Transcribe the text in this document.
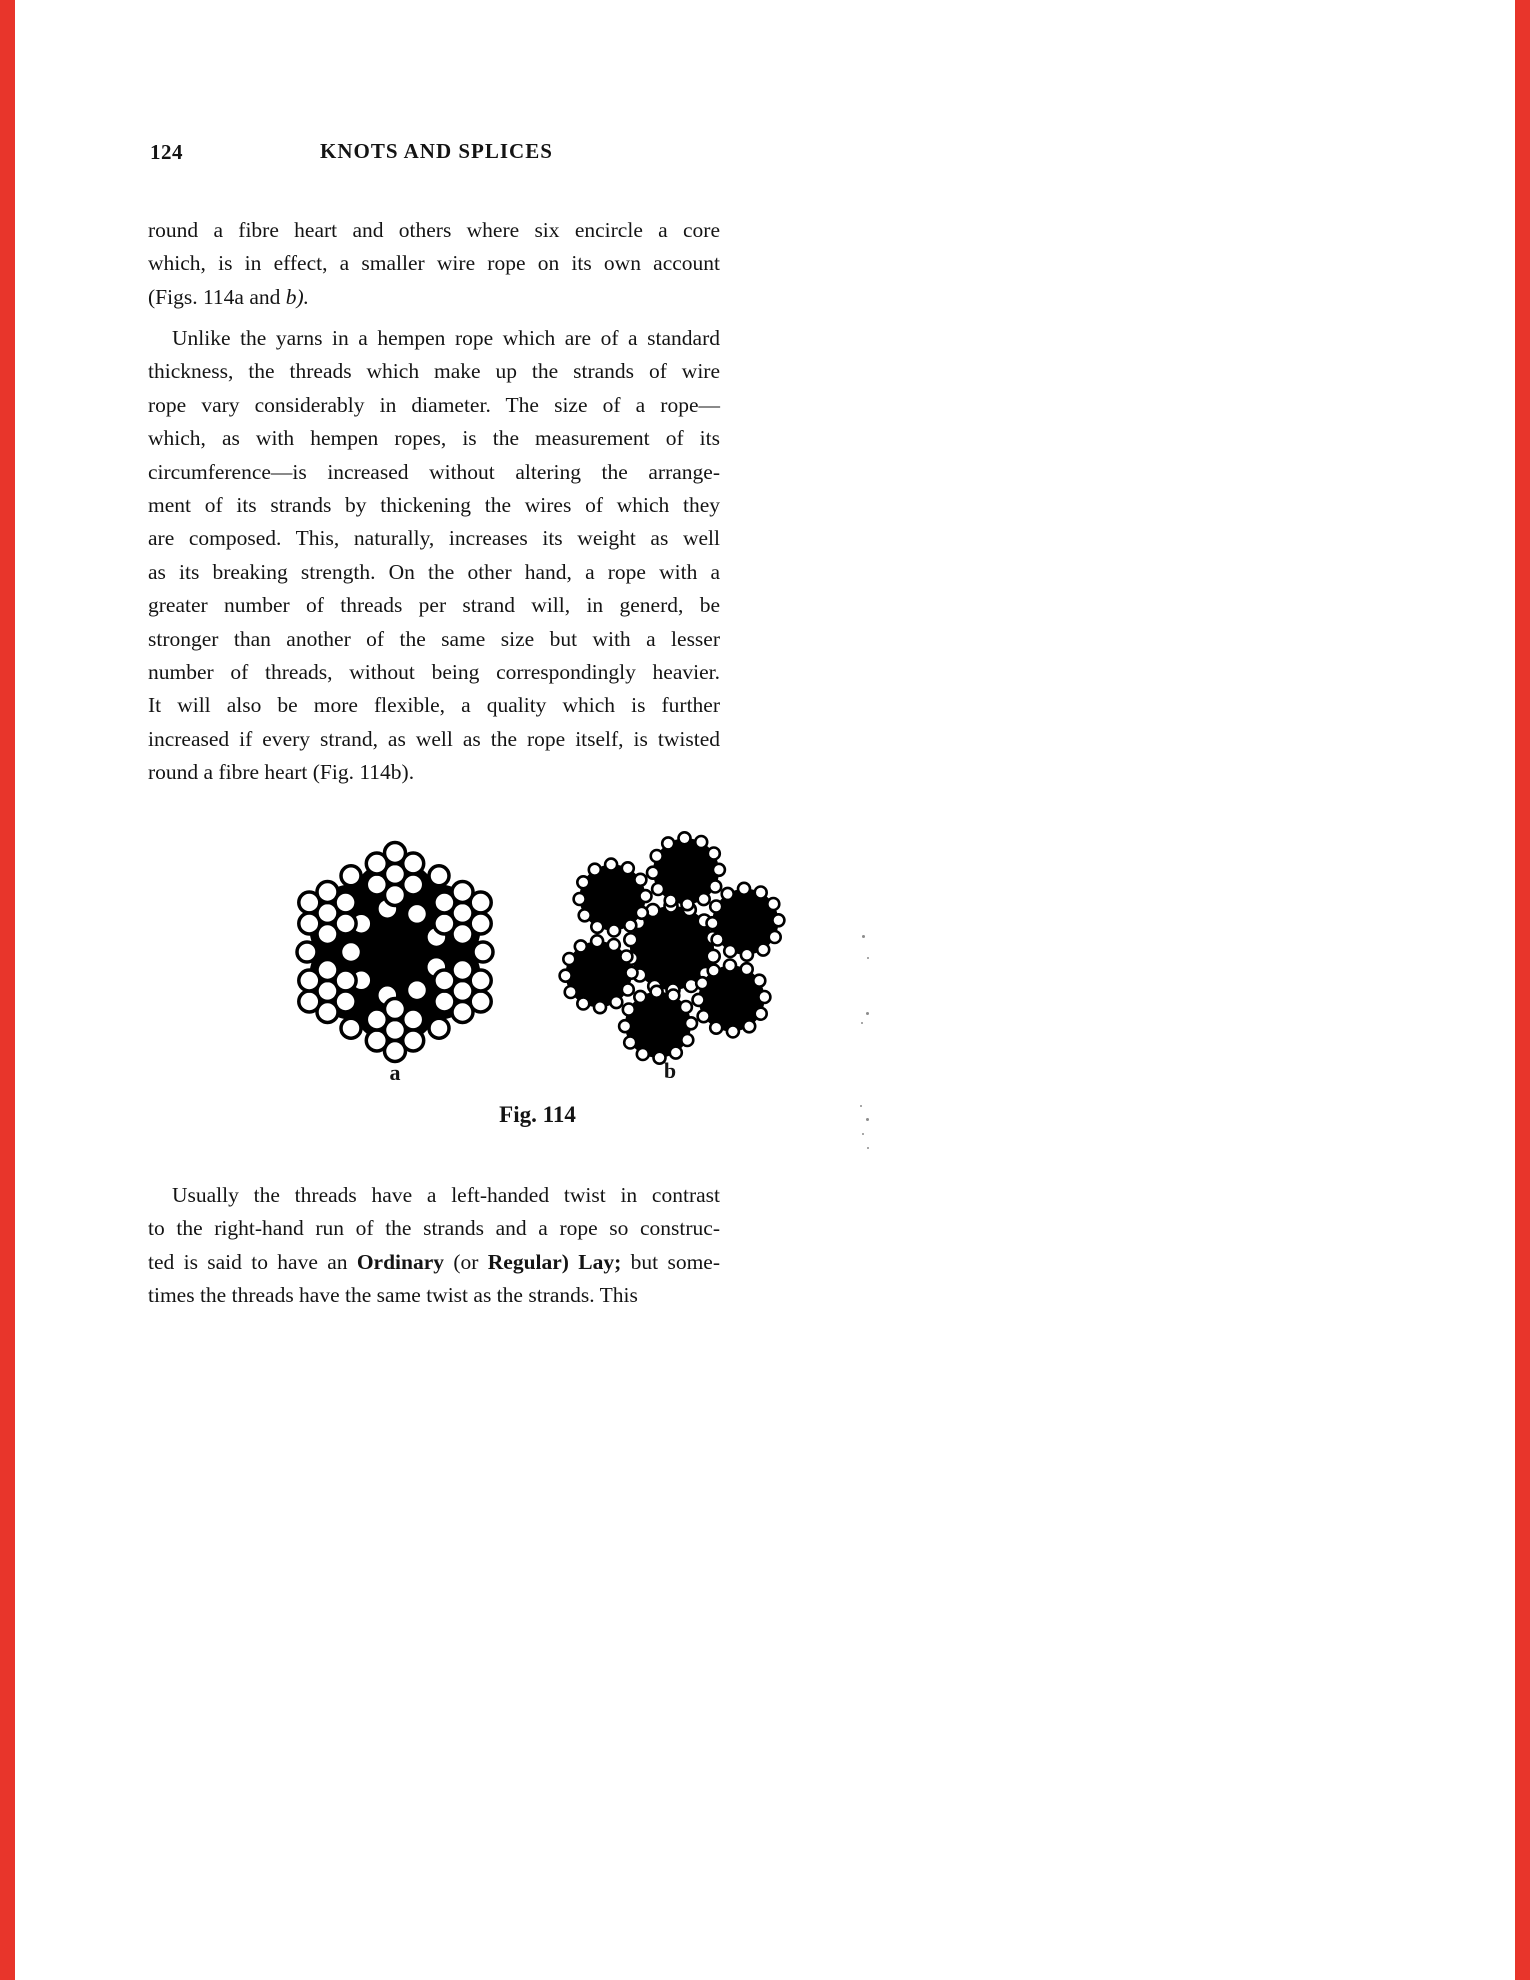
124	KNOTS AND SPLICES
round a fibre heart and others where six encircle a core
which, is in effect, a smaller wire rope on its own account
(Figs. 114a and b).
Unlike the yarns in a hempen rope which are of a standard
thickness, the threads which make up the strands of wire
rope vary considerably in diameter. The size of a rope—
which, as with hempen ropes, is the measurement of its
circumference—is increased without altering the arrange-
ment of its strands by thickening the wires of which they
are composed. This, naturally, increases its weight as well
as its breaking strength. On the other hand, a rope with a
greater number of threads per strand will, in generd, be
stronger than another of the same size but with a lesser
number of threads, without being correspondingly heavier.
It will also be more flexible, a quality which is further
increased if every strand, as well as the rope itself, is twisted
round a fibre heart (Fig. 114b).
Usually the threads have a left-handed twist in contrast
to the right-hand run of the strands and a rope so construc-
ted is said to have an Ordinary (or Regular) Lay; but some-
times the threads have the same twist as the strands. This
a	b
Fig. 114
